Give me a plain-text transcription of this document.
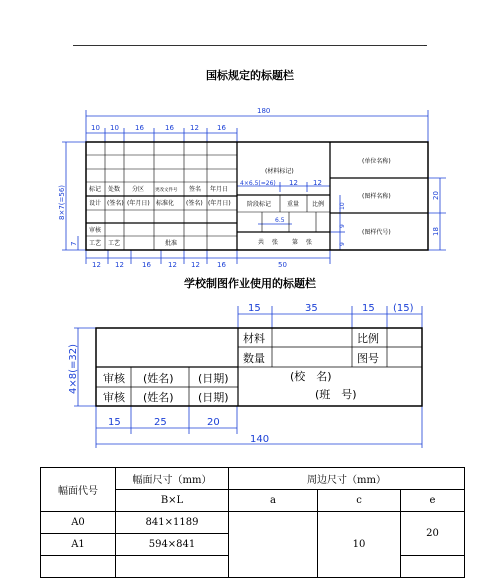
.
国标规定的标题栏
180
10 10 16	16 12	16
12 12	16 12 12 16	50
4×6.5(=26) 12 12
6.5
8×7(=56)
7
20
18
10
9
9
标记 处数 分区 更改文件号 签名 年月日
设计 (签名) (年月日) 标准化 (签名) (年月日)
审核
工艺 工艺	批准
(材料标记)
阶段标记	重量 比例
共 张 第 张
(单位名称)
(图样名称)
(图样代号)
学校制图作业使用的标题栏
15	35	15 (15)
4×8(=32)
15	25	20
140
材料	比例
数量	图号
审核 (姓名) (日期)	(校　名)
审核 (姓名) (日期)	(班　号)
幅面代号	幅面尺寸（mm）	周边尺寸（mm）		
	B×L	a	c	e
A0	841×1189		10	20
A1	594×841			
